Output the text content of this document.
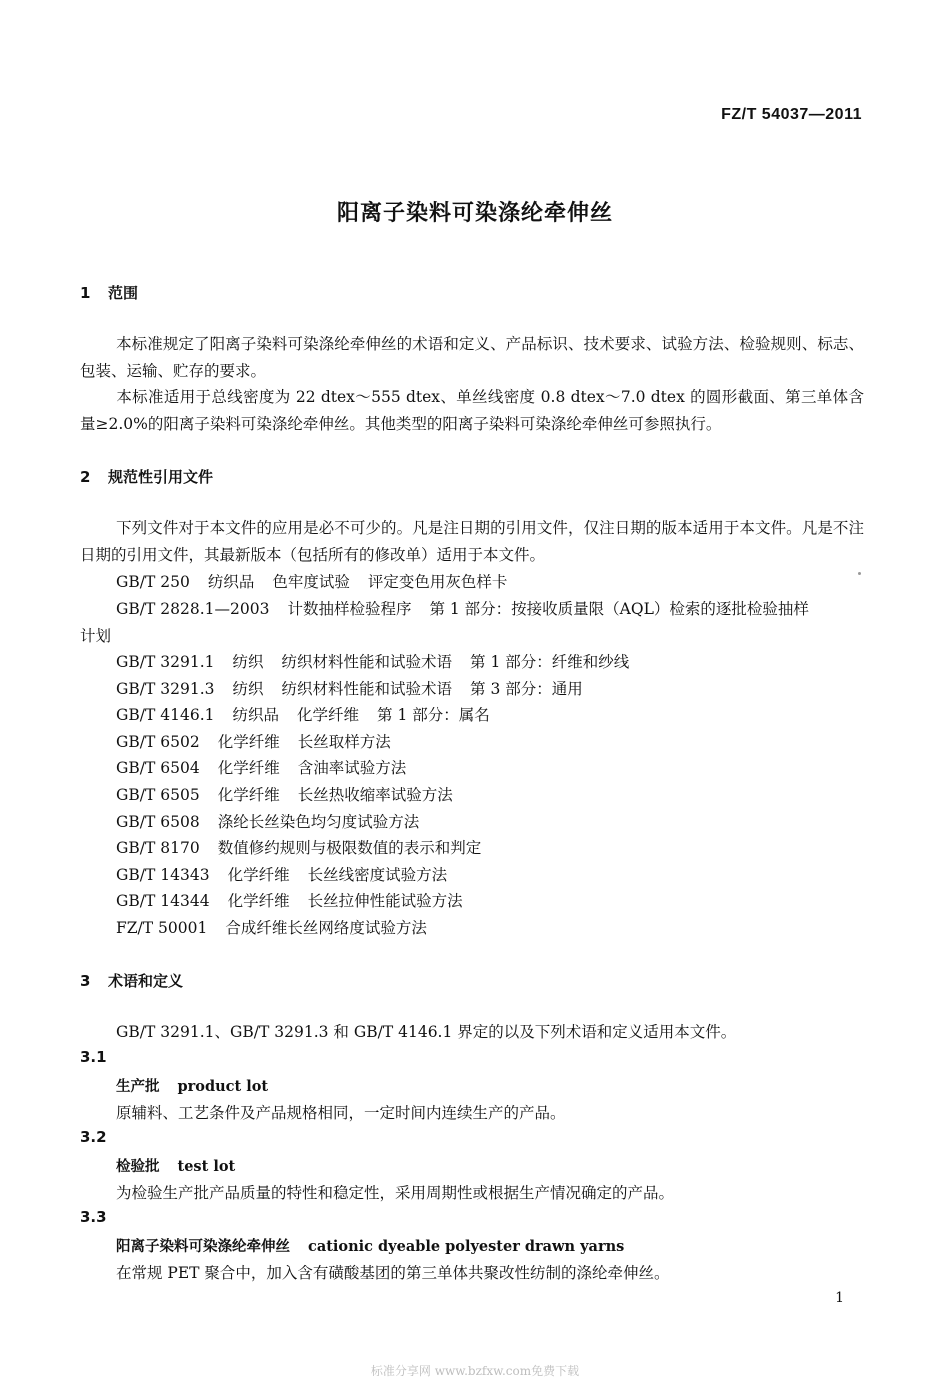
FZ/T 54037—2011
阳离子染料可染涤纶牵伸丝
1 范围
本标准规定了阳离子染料可染涤纶牵伸丝的术语和定义、产品标识、技术要求、试验方法、检验规则、标志、包装、运输、贮存的要求。
本标准适用于总线密度为 22 dtex～555 dtex、单丝线密度 0.8 dtex～7.0 dtex 的圆形截面、第三单体含量≥2.0%的阳离子染料可染涤纶牵伸丝。其他类型的阳离子染料可染涤纶牵伸丝可参照执行。
2 规范性引用文件
下列文件对于本文件的应用是必不可少的。凡是注日期的引用文件，仅注日期的版本适用于本文件。凡是不注日期的引用文件，其最新版本（包括所有的修改单）适用于本文件。
GB/T 250 纺织品 色牢度试验 评定变色用灰色样卡
GB/T 2828.1—2003 计数抽样检验程序 第 1 部分：按接收质量限（AQL）检索的逐批检验抽样
计划
GB/T 3291.1 纺织 纺织材料性能和试验术语 第 1 部分：纤维和纱线
GB/T 3291.3 纺织 纺织材料性能和试验术语 第 3 部分：通用
GB/T 4146.1 纺织品 化学纤维 第 1 部分：属名
GB/T 6502 化学纤维 长丝取样方法
GB/T 6504 化学纤维 含油率试验方法
GB/T 6505 化学纤维 长丝热收缩率试验方法
GB/T 6508 涤纶长丝染色均匀度试验方法
GB/T 8170 数值修约规则与极限数值的表示和判定
GB/T 14343 化学纤维 长丝线密度试验方法
GB/T 14344 化学纤维 长丝拉伸性能试验方法
FZ/T 50001 合成纤维长丝网络度试验方法
3 术语和定义
GB/T 3291.1、GB/T 3291.3 和 GB/T 4146.1 界定的以及下列术语和定义适用本文件。
3.1
生产批 product lot
原辅料、工艺条件及产品规格相同，一定时间内连续生产的产品。
3.2
检验批 test lot
为检验生产批产品质量的特性和稳定性，采用周期性或根据生产情况确定的产品。
3.3
阳离子染料可染涤纶牵伸丝 cationic dyeable polyester drawn yarns
在常规 PET 聚合中，加入含有磺酸基团的第三单体共聚改性纺制的涤纶牵伸丝。
1
标准分享网 www.bzfxw.com免费下载
